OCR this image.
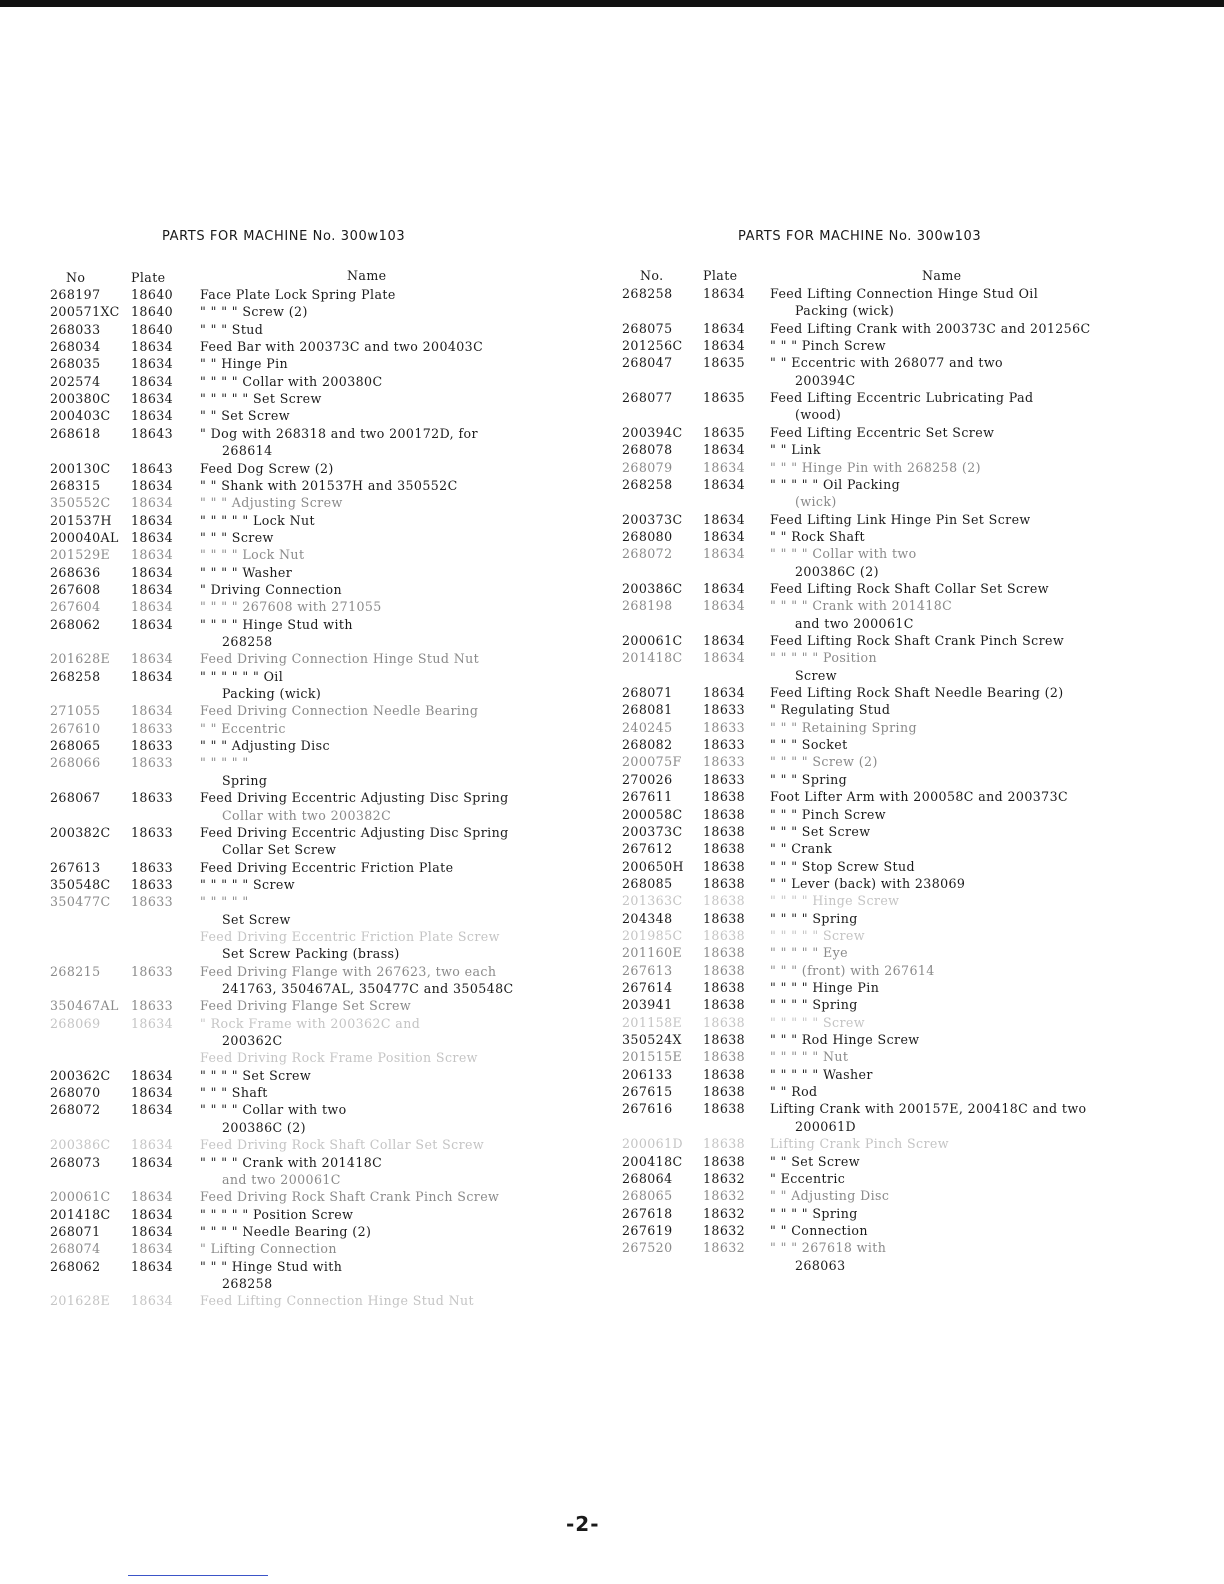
PARTS FOR MACHINE No. 300w103	PARTS FOR MACHINE No. 300w103
No	Plate	Name
268197 18640 Face Plate Lock Spring Plate
200571XC 18640 " " " " Screw (2)
268033 18640 " " " Stud
268034 18634 Feed Bar with 200373C and two 200403C
268035 18634 " " Hinge Pin
202574 18634 " " " " Collar with 200380C
200380C 18634 " " " " " Set Screw
200403C 18634 " " Set Screw
268618 18643 " Dog with 268318 and two 200172D, for
268614
200130C 18643 Feed Dog Screw (2)
268315 18634 " " Shank with 201537H and 350552C
350552C 18634 " " " Adjusting Screw
201537H 18634 " " " " " Lock Nut
200040AL 18634 " " " Screw
201529E 18634 " " " " Lock Nut
268636 18634 " " " " Washer
267608 18634 " Driving Connection
267604 18634 " " " " 267608 with 271055
268062 18634 " " " " Hinge Stud with
268258
201628E 18634 Feed Driving Connection Hinge Stud Nut
268258 18634 " " " " " " Oil
Packing (wick)
271055 18634 Feed Driving Connection Needle Bearing
267610 18633 " " Eccentric
268065 18633 " " " Adjusting Disc
268066 18633 " " " " "
Spring
268067 18633 Feed Driving Eccentric Adjusting Disc Spring
Collar with two 200382C
200382C 18633 Feed Driving Eccentric Adjusting Disc Spring
Collar Set Screw
267613 18633 Feed Driving Eccentric Friction Plate
350548C 18633 " " " " " Screw
350477C 18633 " " " " "
Set Screw
Feed Driving Eccentric Friction Plate Screw
Set Screw Packing (brass)
268215 18633 Feed Driving Flange with 267623, two each
241763, 350467AL, 350477C and 350548C
350467AL 18633 Feed Driving Flange Set Screw
268069 18634 " Rock Frame with 200362C and
200362C
Feed Driving Rock Frame Position Screw
200362C 18634 " " " " Set Screw
268070 18634 " " " Shaft
268072 18634 " " " " Collar with two
200386C (2)
200386C 18634 Feed Driving Rock Shaft Collar Set Screw
268073 18634 " " " " Crank with 201418C
and two 200061C
200061C 18634 Feed Driving Rock Shaft Crank Pinch Screw
201418C 18634 " " " " " Position Screw
268071 18634 " " " " Needle Bearing (2)
268074 18634 " Lifting Connection
268062 18634 " " " Hinge Stud with
268258
201628E 18634 Feed Lifting Connection Hinge Stud Nut
No.	Plate	Name
268258 18634 Feed Lifting Connection Hinge Stud Oil
Packing (wick)
268075 18634 Feed Lifting Crank with 200373C and 201256C
201256C 18634 " " " Pinch Screw
268047 18635 " " Eccentric with 268077 and two
200394C
268077 18635 Feed Lifting Eccentric Lubricating Pad
(wood)
200394C 18635 Feed Lifting Eccentric Set Screw
268078 18634 " " Link
268079 18634 " " " Hinge Pin with 268258 (2)
268258 18634 " " " " " Oil Packing
(wick)
200373C 18634 Feed Lifting Link Hinge Pin Set Screw
268080 18634 " " Rock Shaft
268072 18634 " " " " Collar with two
200386C (2)
200386C 18634 Feed Lifting Rock Shaft Collar Set Screw
268198 18634 " " " " Crank with 201418C
and two 200061C
200061C 18634 Feed Lifting Rock Shaft Crank Pinch Screw
201418C 18634 " " " " " Position
Screw
268071 18634 Feed Lifting Rock Shaft Needle Bearing (2)
268081 18633 " Regulating Stud
240245 18633 " " " Retaining Spring
268082 18633 " " " Socket
200075F 18633 " " " " Screw (2)
270026 18633 " " " Spring
267611 18638 Foot Lifter Arm with 200058C and 200373C
200058C 18638 " " " Pinch Screw
200373C 18638 " " " Set Screw
267612 18638 " " Crank
200650H 18638 " " " Stop Screw Stud
268085 18638 " " Lever (back) with 238069
201363C 18638 " " " " Hinge Screw
204348 18638 " " " " Spring
201985C 18638 " " " " " Screw
201160E 18638 " " " " " Eye
267613 18638 " " " (front) with 267614
267614 18638 " " " " Hinge Pin
203941 18638 " " " " Spring
201158E 18638 " " " " " Screw
350524X 18638 " " " Rod Hinge Screw
201515E 18638 " " " " " Nut
206133 18638 " " " " " Washer
267615 18638 " " Rod
267616 18638 Lifting Crank with 200157E, 200418C and two
200061D
200061D 18638 Lifting Crank Pinch Screw
200418C 18638 " " Set Screw
268064 18632 " Eccentric
268065 18632 " " Adjusting Disc
267618 18632 " " " " Spring
267619 18632 " " Connection
267520 18632 " " " 267618 with
268063
-2-
